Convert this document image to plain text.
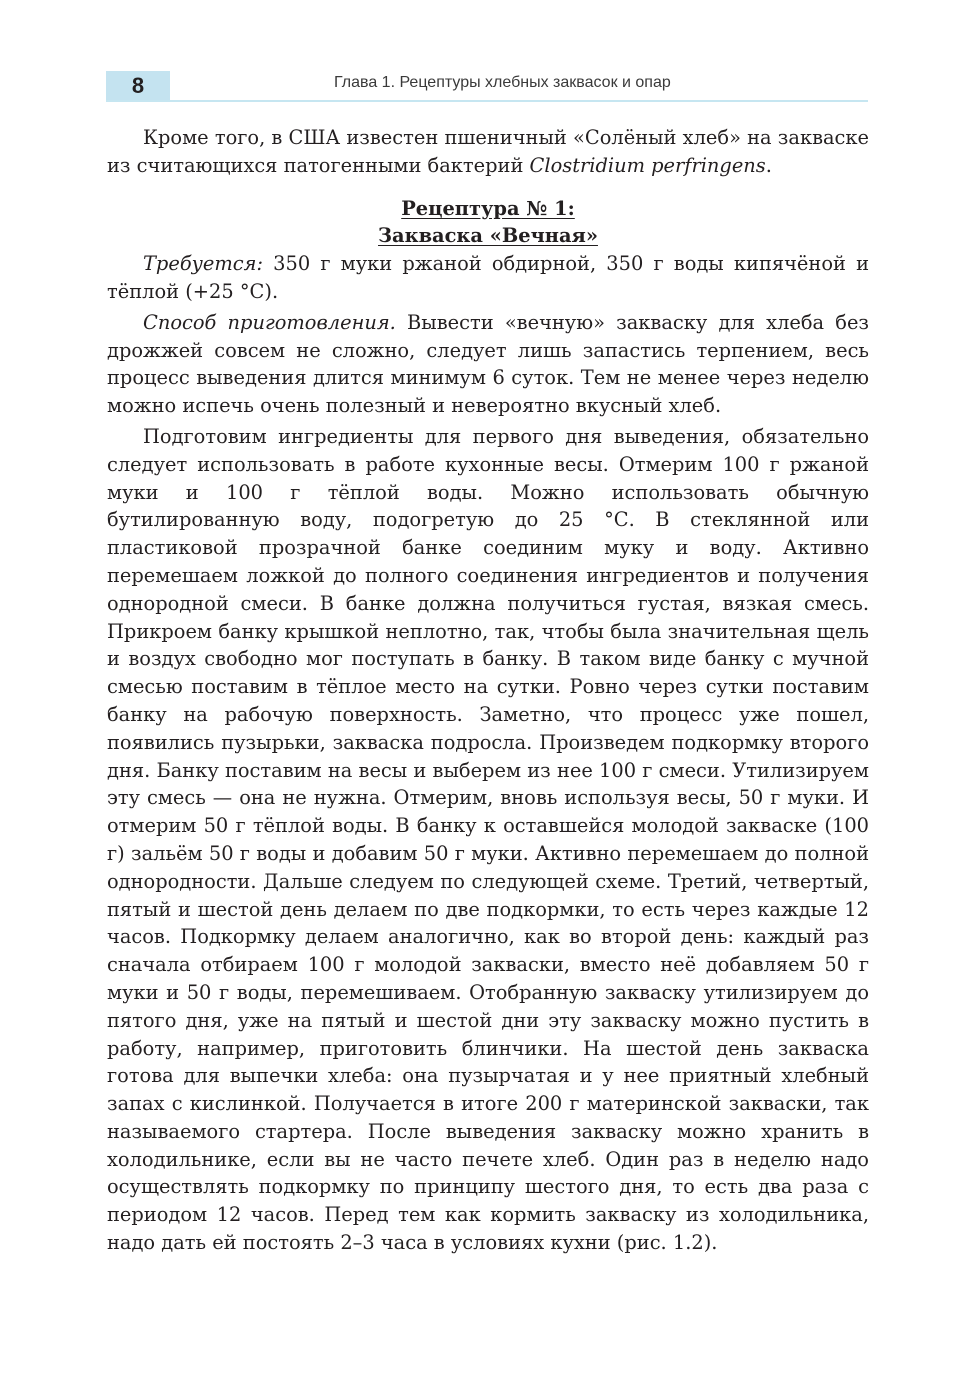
8	Глава 1. Рецептуры хлебных заквасок и опар

Кроме того, в США известен пшеничный «Солёный хлеб» на закваске из считающихся патогенными бактерий Clostridium perfringens.

Рецептура № 1:

Закваска «Вечная»

Требуется: 350 г муки ржаной обдирной, 350 г воды кипячёной и тёплой (+25 °С).

Способ приготовления. Вывести «вечную» закваску для хлеба без дрожжей совсем не сложно, следует лишь запастись терпением, весь процесс выведения длится минимум 6 суток. Тем не менее через неделю можно испечь очень полезный и невероятно вкусный хлеб.

Подготовим ингредиенты для первого дня выведения, обязательно следует использовать в работе кухонные весы. Отмерим 100 г ржаной муки и 100 г тёплой воды. Можно использовать обычную бутилированную воду, подогретую до 25 °С. В стеклянной или пластиковой прозрачной банке соединим муку и воду. Активно перемешаем ложкой до полного соединения ингредиентов и получения однородной смеси. В банке должна получиться густая, вязкая смесь. Прикроем банку крышкой неплотно, так, чтобы была значительная щель и воздух свободно мог поступать в банку. В таком виде банку с мучной смесью поставим в тёплое место на сутки. Ровно через сутки поставим банку на рабочую поверхность. Заметно, что процесс уже пошел, появились пузырьки, закваска подросла. Произведем подкормку второго дня. Банку поставим на весы и выберем из нее 100 г смеси. Утилизируем эту смесь — она не нужна. Отмерим, вновь используя весы, 50 г муки. И отмерим 50 г тёплой воды. В банку к оставшейся молодой закваске (100 г) зальём 50 г воды и добавим 50 г муки. Активно перемешаем до полной однородности. Дальше следуем по следующей схеме. Третий, четвертый, пятый и шестой день делаем по две подкормки, то есть через каждые 12 часов. Подкормку делаем аналогично, как во второй день: каждый раз сначала отбираем 100 г молодой закваски, вместо неё добавляем 50 г муки и 50 г воды, перемешиваем. Отобранную закваску утилизируем до пятого дня, уже на пятый и шестой дни эту закваску можно пустить в работу, например, приготовить блинчики. На шестой день закваска готова для выпечки хлеба: она пузырчатая и у нее приятный хлебный запах с кислинкой. Получается в итоге 200 г материнской закваски, так называемого стартера. После выведения закваску можно хранить в холодильнике, если вы не часто печете хлеб. Один раз в неделю надо осуществлять подкормку по принципу шестого дня, то есть два раза с периодом 12 часов. Перед тем как кормить закваску из холодильника, надо дать ей постоять 2–3 часа в условиях кухни (рис. 1.2).
